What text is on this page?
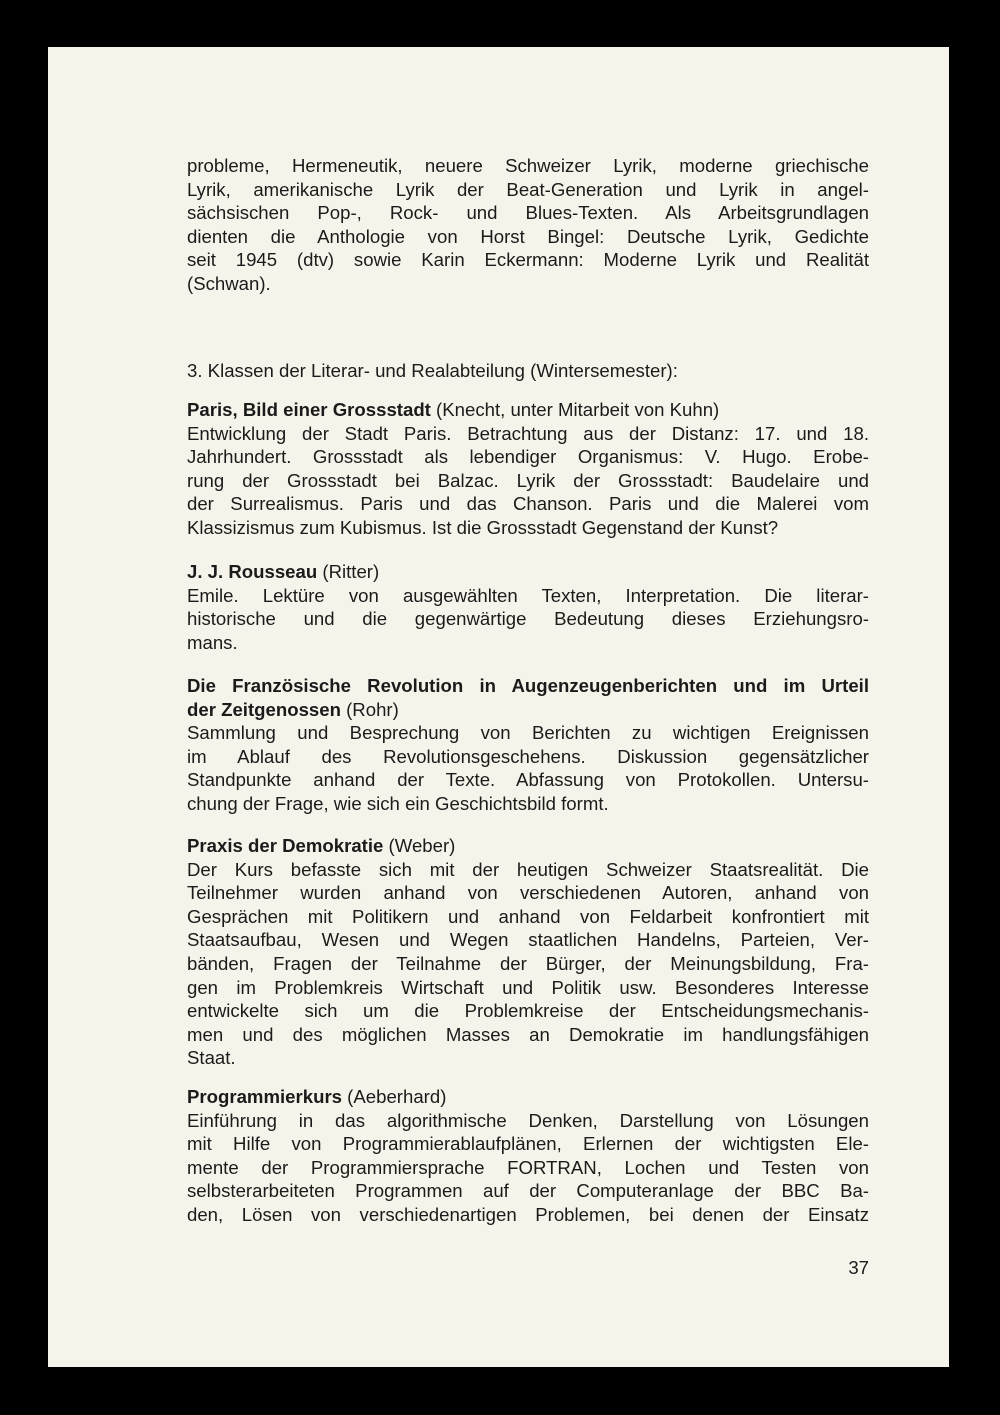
probleme, Hermeneutik, neuere Schweizer Lyrik, moderne griechische
Lyrik, amerikanische Lyrik der Beat-Generation und Lyrik in angel-
sächsischen Pop-, Rock- und Blues-Texten. Als Arbeitsgrundlagen
dienten die Anthologie von Horst Bingel: Deutsche Lyrik, Gedichte
seit 1945 (dtv) sowie Karin Eckermann: Moderne Lyrik und Realität
(Schwan).
3. Klassen der Literar- und Realabteilung (Wintersemester):
Paris, Bild einer Grossstadt (Knecht, unter Mitarbeit von Kuhn)
Entwicklung der Stadt Paris. Betrachtung aus der Distanz: 17. und 18.
Jahrhundert. Grossstadt als lebendiger Organismus: V. Hugo. Erobe-
rung der Grossstadt bei Balzac. Lyrik der Grossstadt: Baudelaire und
der Surrealismus. Paris und das Chanson. Paris und die Malerei vom
Klassizismus zum Kubismus. Ist die Grossstadt Gegenstand der Kunst?
J. J. Rousseau (Ritter)
Emile. Lektüre von ausgewählten Texten, Interpretation. Die literar-
historische und die gegenwärtige Bedeutung dieses Erziehungsro-
mans.
Die Französische Revolution in Augenzeugenberichten und im Urteil
der Zeitgenossen (Rohr)
Sammlung und Besprechung von Berichten zu wichtigen Ereignissen
im Ablauf des Revolutionsgeschehens. Diskussion gegensätzlicher
Standpunkte anhand der Texte. Abfassung von Protokollen. Untersu-
chung der Frage, wie sich ein Geschichtsbild formt.
Praxis der Demokratie (Weber)
Der Kurs befasste sich mit der heutigen Schweizer Staatsrealität. Die
Teilnehmer wurden anhand von verschiedenen Autoren, anhand von
Gesprächen mit Politikern und anhand von Feldarbeit konfrontiert mit
Staatsaufbau, Wesen und Wegen staatlichen Handelns, Parteien, Ver-
bänden, Fragen der Teilnahme der Bürger, der Meinungsbildung, Fra-
gen im Problemkreis Wirtschaft und Politik usw. Besonderes Interesse
entwickelte sich um die Problemkreise der Entscheidungsmechanis-
men und des möglichen Masses an Demokratie im handlungsfähigen
Staat.
Programmierkurs (Aeberhard)
Einführung in das algorithmische Denken, Darstellung von Lösungen
mit Hilfe von Programmierablaufplänen, Erlernen der wichtigsten Ele-
mente der Programmiersprache FORTRAN, Lochen und Testen von
selbsterarbeiteten Programmen auf der Computeranlage der BBC Ba-
den, Lösen von verschiedenartigen Problemen, bei denen der Einsatz
37
